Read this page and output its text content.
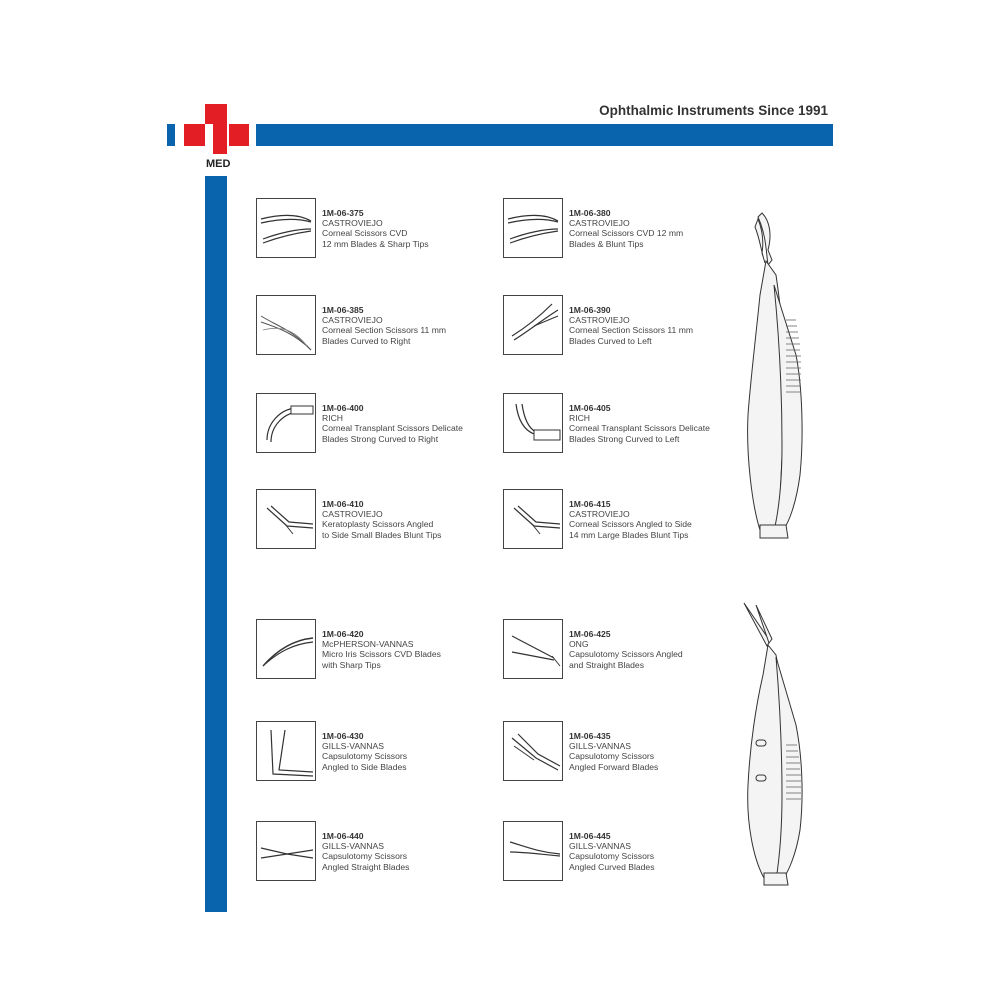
MED
Ophthalmic Instruments Since 1991
1M-06-375
CASTROVIEJO
Corneal Scissors CVD
12 mm Blades & Sharp Tips
1M-06-380
CASTROVIEJO
Corneal Scissors CVD 12 mm
Blades & Blunt Tips
1M-06-385
CASTROVIEJO
Corneal Section Scissors 11 mm
Blades Curved to Right
1M-06-390
CASTROVIEJO
Corneal Section Scissors 11 mm
Blades Curved to Left
1M-06-400
RICH
Corneal Transplant Scissors Delicate
Blades Strong Curved to Right
1M-06-405
RICH
Corneal Transplant Scissors Delicate
Blades Strong Curved to Left
1M-06-410
CASTROVIEJO
Keratoplasty Scissors Angled
to Side Small Blades Blunt Tips
1M-06-415
CASTROVIEJO
Corneal Scissors Angled to Side
14 mm Large Blades Blunt Tips
1M-06-420
McPHERSON-VANNAS
Micro Iris Scissors CVD Blades
with Sharp Tips
1M-06-425
ONG
Capsulotomy Scissors Angled
and Straight Blades
1M-06-430
GILLS-VANNAS
Capsulotomy Scissors
Angled to Side Blades
1M-06-435
GILLS-VANNAS
Capsulotomy Scissors
Angled Forward Blades
1M-06-440
GILLS-VANNAS
Capsulotomy Scissors
Angled Straight Blades
1M-06-445
GILLS-VANNAS
Capsulotomy Scissors
Angled Curved Blades
